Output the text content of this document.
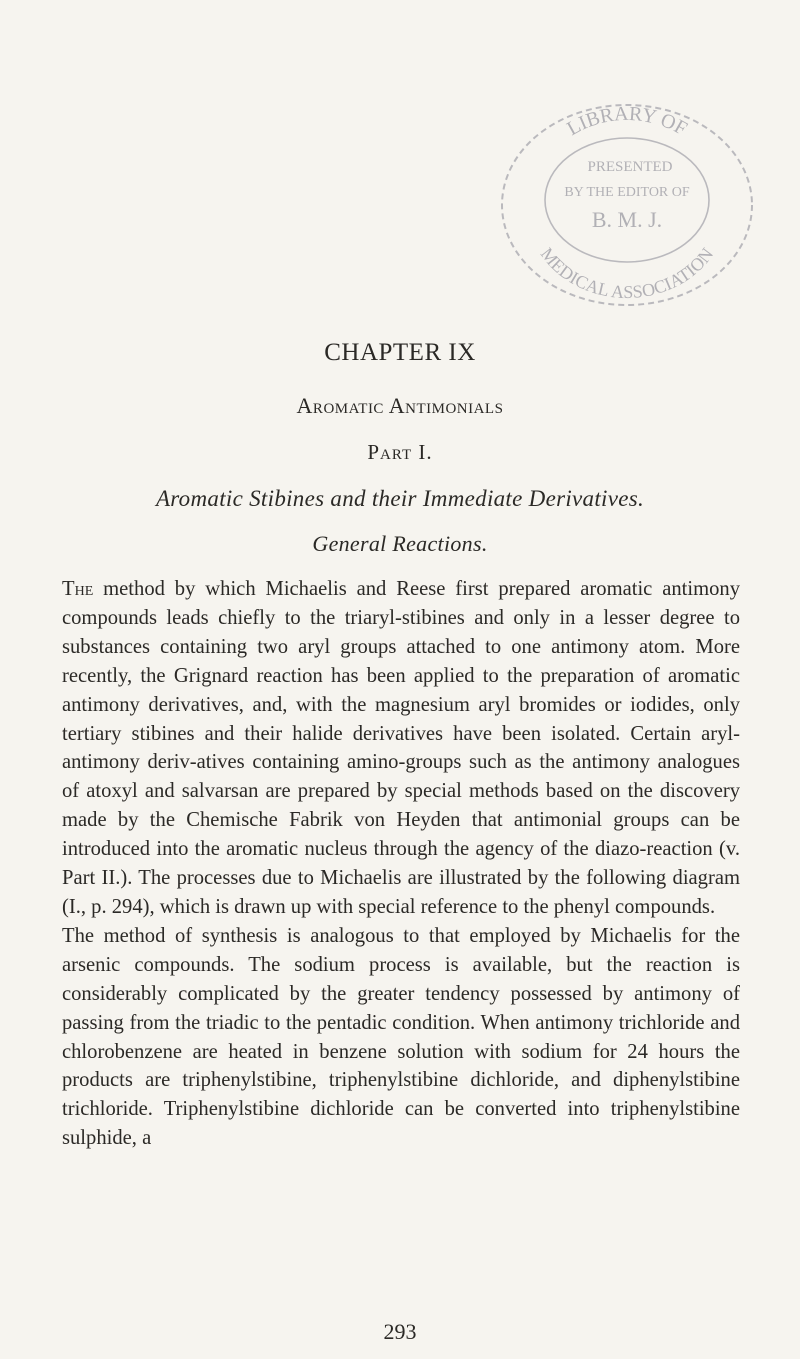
LIBRARY OF
MEDICAL ASSOCIATION
PRESENTED
BY THE EDITOR OF
B. M. J.
CHAPTER IX
Aromatic Antimonials
Part I.
Aromatic Stibines and their Immediate Derivatives.
General Reactions.

The method by which Michaelis and Reese first prepared aromatic antimony compounds leads chiefly to the triaryl-stibines and only in a lesser degree to substances containing two aryl groups attached to one antimony atom. More recently, the Grignard reaction has been applied to the preparation of aromatic antimony derivatives, and, with the magnesium aryl bromides or iodides, only tertiary stibines and their halide derivatives have been isolated. Certain aryl-antimony deriv-atives containing amino-groups such as the antimony analogues of atoxyl and salvarsan are prepared by special methods based on the discovery made by the Chemische Fabrik von Heyden that antimonial groups can be introduced into the aromatic nucleus through the agency of the diazo-reaction (v. Part II.). The processes due to Michaelis are illustrated by the following diagram (I., p. 294), which is drawn up with special reference to the phenyl compounds.

The method of synthesis is analogous to that employed by Michaelis for the arsenic compounds. The sodium process is available, but the reaction is considerably complicated by the greater tendency possessed by antimony of passing from the triadic to the pentadic condition. When antimony trichloride and chlorobenzene are heated in benzene solution with sodium for 24 hours the products are triphenylstibine, triphenylstibine dichloride, and diphenylstibine trichloride. Triphenylstibine dichloride can be converted into triphenylstibine sulphide, a

293
